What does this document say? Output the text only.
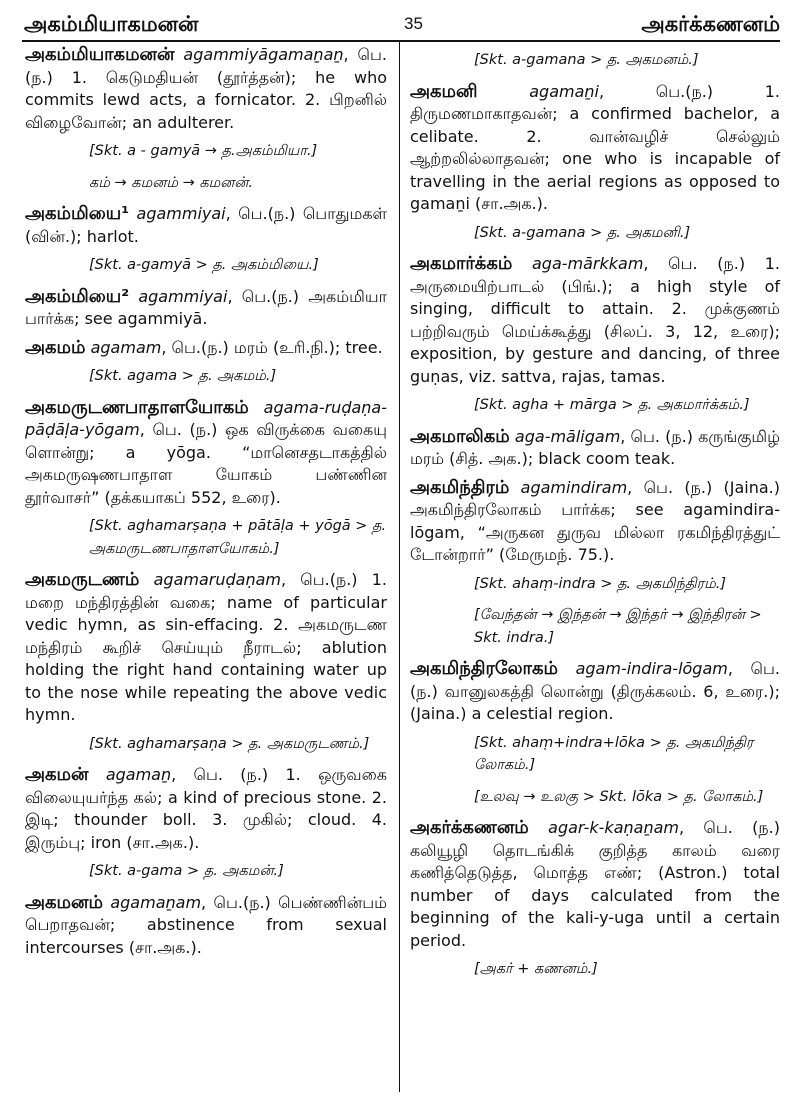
அகம்மியாகமனன்	35	அகர்க்கணனம்
அகம்மியாகமனன் agammiyāgamaṉaṉ, பெ.(ந.) 1. கெடுமதியன் (தூர்த்தன்); he who commits lewd acts, a fornicator. 2. பிறனில் விழைவோன்; an adulterer.
[Skt. a - gamyā → த.அகம்மியா.]
கம் → கமனம் → கமனன்.
அகம்மியை¹ agammiyai, பெ.(ந.) பொதுமகள் (வின்.); harlot.
[Skt. a-gamyā > த. அகம்மியை.]
அகம்மியை² agammiyai, பெ.(ந.) அகம்மியா பார்க்க; see agammiyā.
அகமம் agamam, பெ.(ந.) மரம் (உரி.நி.); tree.
[Skt. agama > த. அகமம்.]
அகமருடணபாதாளயோகம் agama-ruḍaṇa-pāḍāḷa-yōgam, பெ. (ந.) ஒக விருக்கை வகையு ளொன்று; a yōga. “மானெசதடாகத்தில் அகமருஷணபாதாள யோகம் பண்ணின தூர்வாசர்” (தக்கயாகப் 552, உரை).
[Skt. aghamarṣaṇa + pātāḷa + yōgā > த. அகமருடணபாதாளயோகம்.]
அகமருடணம் agamaruḍaṇam, பெ.(ந.) 1. மறை மந்திரத்தின் வகை; name of particular vedic hymn, as sin-effacing. 2. அகமருடண மந்திரம் கூறிச் செய்யும் நீராடல்; ablution holding the right hand containing water up to the nose while repeating the above vedic hymn.
[Skt. aghamarṣaṇa > த. அகமருடணம்.]
அகமன் agamaṉ, பெ. (ந.) 1. ஒருவகை விலையுயர்ந்த கல்; a kind of precious stone. 2. இடி; thounder boll. 3. முகில்; cloud. 4. இரும்பு; iron (சா.அக.).
[Skt. a-gama > த. அகமன்.]
அகமனம் agamaṉam, பெ.(ந.) பெண்ணின்பம் பெறாதவன்; abstinence from sexual intercourses (சா.அக.).
[Skt. a-gamana > த. அகமனம்.]
அகமனி	agamaṉi, பெ.(ந.) 1. திருமணமாகாதவன்; a confirmed bachelor, a celibate. 2. வான்வழிச் செல்லும் ஆற்றலில்லாதவன்; one who is incapable of travelling in the aerial regions as opposed to gamaṉi (சா.அக.).
[Skt. a-gamana > த. அகமனி.]
அகமார்க்கம் aga-mārkkam, பெ. (ந.) 1. அருமையிற்பாடல் (பிங்.); a high style of singing, difficult to attain. 2. முக்குணம் பற்றிவரும் மெய்க்கூத்து (சிலப். 3, 12, உரை); exposition, by gesture and dancing, of three guṇas, viz. sattva, rajas, tamas.
[Skt. agha + mārga > த. அகமார்க்கம்.]
அகமாலிகம் aga-māligam, பெ. (ந.) கருங்குமிழ் மரம் (சித். அக.); black coom teak.
அகமிந்திரம் agamindiram, பெ. (ந.) (Jaina.) அகமிந்திரலோகம் பார்க்க; see agamindira-lōgam, “அருகன துருவ மில்லா ரகமிந்திரத்துட் டோன்றார்” (மேருமந். 75.).
[Skt. ahaṃ-indra > த. அகமிந்திரம்.]
[வேந்தன் → இந்தன் → இந்தர் → இந்திரன் > Skt. indra.]
அகமிந்திரலோகம் agam-indira-lōgam, பெ.(ந.) வானுலகத்தி லொன்று (திருக்கலம். 6, உரை.); (Jaina.) a celestial region.
[Skt. ahaṃ+indra+lōka > த. அகமிந்திர லோகம்.]
[உலவு → உலகு > Skt. lōka > த. லோகம்.]
அகர்க்கணனம் agar-k-kaṇaṉam, பெ. (ந.) கலியூழி தொடங்கிக் குறித்த காலம் வரை கணித்தெடுத்த, மொத்த எண்; (Astron.) total number of days calculated from the beginning of the kali-y-uga until a certain period.
[அகர் + கணனம்.]
